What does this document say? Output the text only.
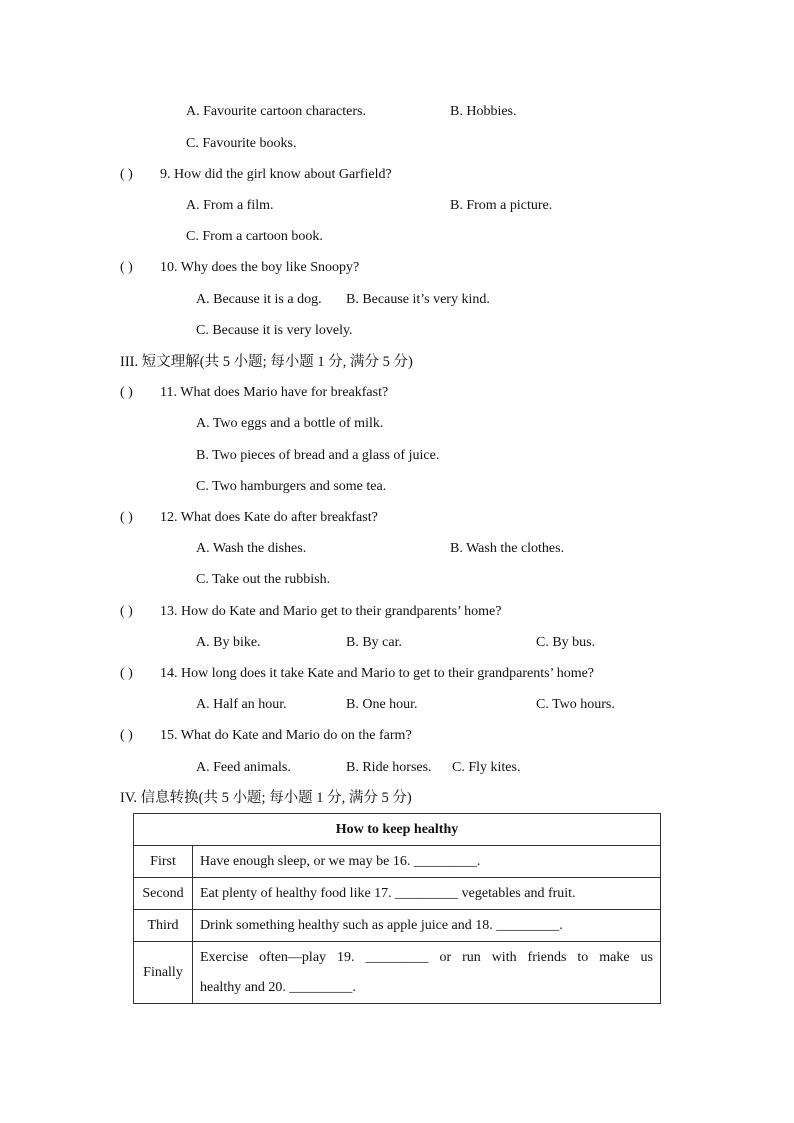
A. Favourite cartoon characters.	B. Hobbies.
C. Favourite books.
( ) 9. How did the girl know about Garfield?
A. From a film.	B. From a picture.
C. From a cartoon book.
( ) 10. Why does the boy like Snoopy?
A. Because it is a dog. B. Because it’s very kind.
C. Because it is very lovely.
III. 短文理解(共 5 小题; 每小题 1 分, 满分 5 分)
( ) 11. What does Mario have for breakfast?
A. Two eggs and a bottle of milk.
B. Two pieces of bread and a glass of juice.
C. Two hamburgers and some tea.
( ) 12. What does Kate do after breakfast?
A. Wash the dishes.	B. Wash the clothes.
C. Take out the rubbish.
( ) 13. How do Kate and Mario get to their grandparents’ home?
A. By bike.	B. By car.	C. By bus.
( ) 14. How long does it take Kate and Mario to get to their grandparents’ home?
A. Half an hour.	B. One hour.	C. Two hours.
( ) 15. What do Kate and Mario do on the farm?
A. Feed animals.	B. Ride horses. C. Fly kites.
IV. 信息转换(共 5 小题; 每小题 1 分, 满分 5 分)
How to keep healthy	
First	Have enough sleep, or we may be 16. _________.
Second	Eat plenty of healthy food like 17. _________ vegetables and fruit.
Third	Drink something healthy such as apple juice and 18. _________.
Finally	Exercise often—play 19. _________ or run with friends to make us
healthy and 20. _________.
